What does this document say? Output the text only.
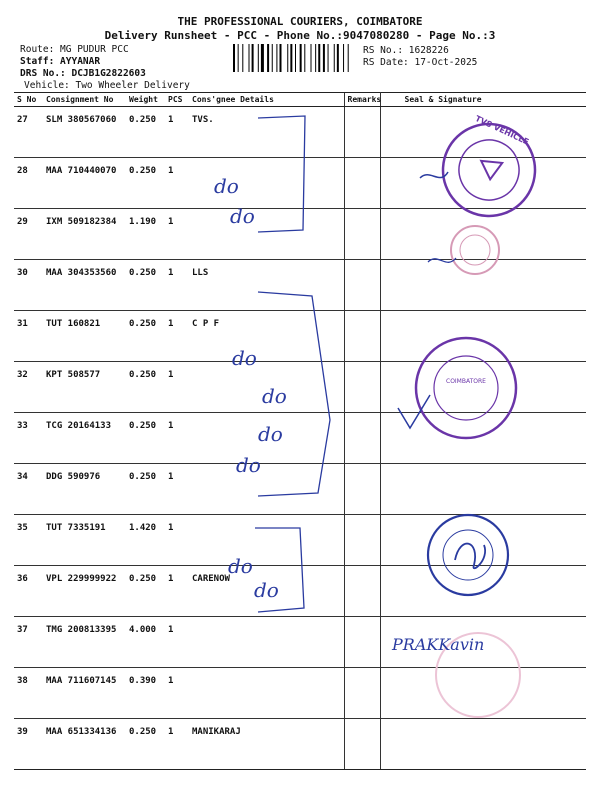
THE PROFESSIONAL COURIERS, COIMBATORE
Delivery Runsheet - PCC - Phone No.:9047080280 - Page No.:3
Route: MG PUDUR PCC
Staff: AYYANAR
DRS No.: DCJB1G2822603
Vehicle: Two Wheeler Delivery
RS No.: 1628226
RS Date: 17-Oct-2025
S No	Consignment No	Weight	PCS	Cons'gnee Details	Remarks	Seal & Signature
27	SLM 380567060	0.250	1	TVS.		
28	MAA 710440070	0.250	1			
29	IXM 509182384	1.190	1			
30	MAA 304353560	0.250	1	LLS		
31	TUT 160821	0.250	1	C P F		
32	KPT 508577	0.250	1			
33	TCG 20164133	0.250	1			
34	DDG 590976	0.250	1			
35	TUT 7335191	1.420	1			
36	VPL 229999922	0.250	1	CARENOW		
37	TMG 200813395	4.000	1			
38	MAA 711607145	0.390	1			
39	MAA 651334136	0.250	1	MANIKARAJ		
do
do
do
do
do
do
do
do
TVS VEHICLE
COIMBATORE
PRAKKavin
